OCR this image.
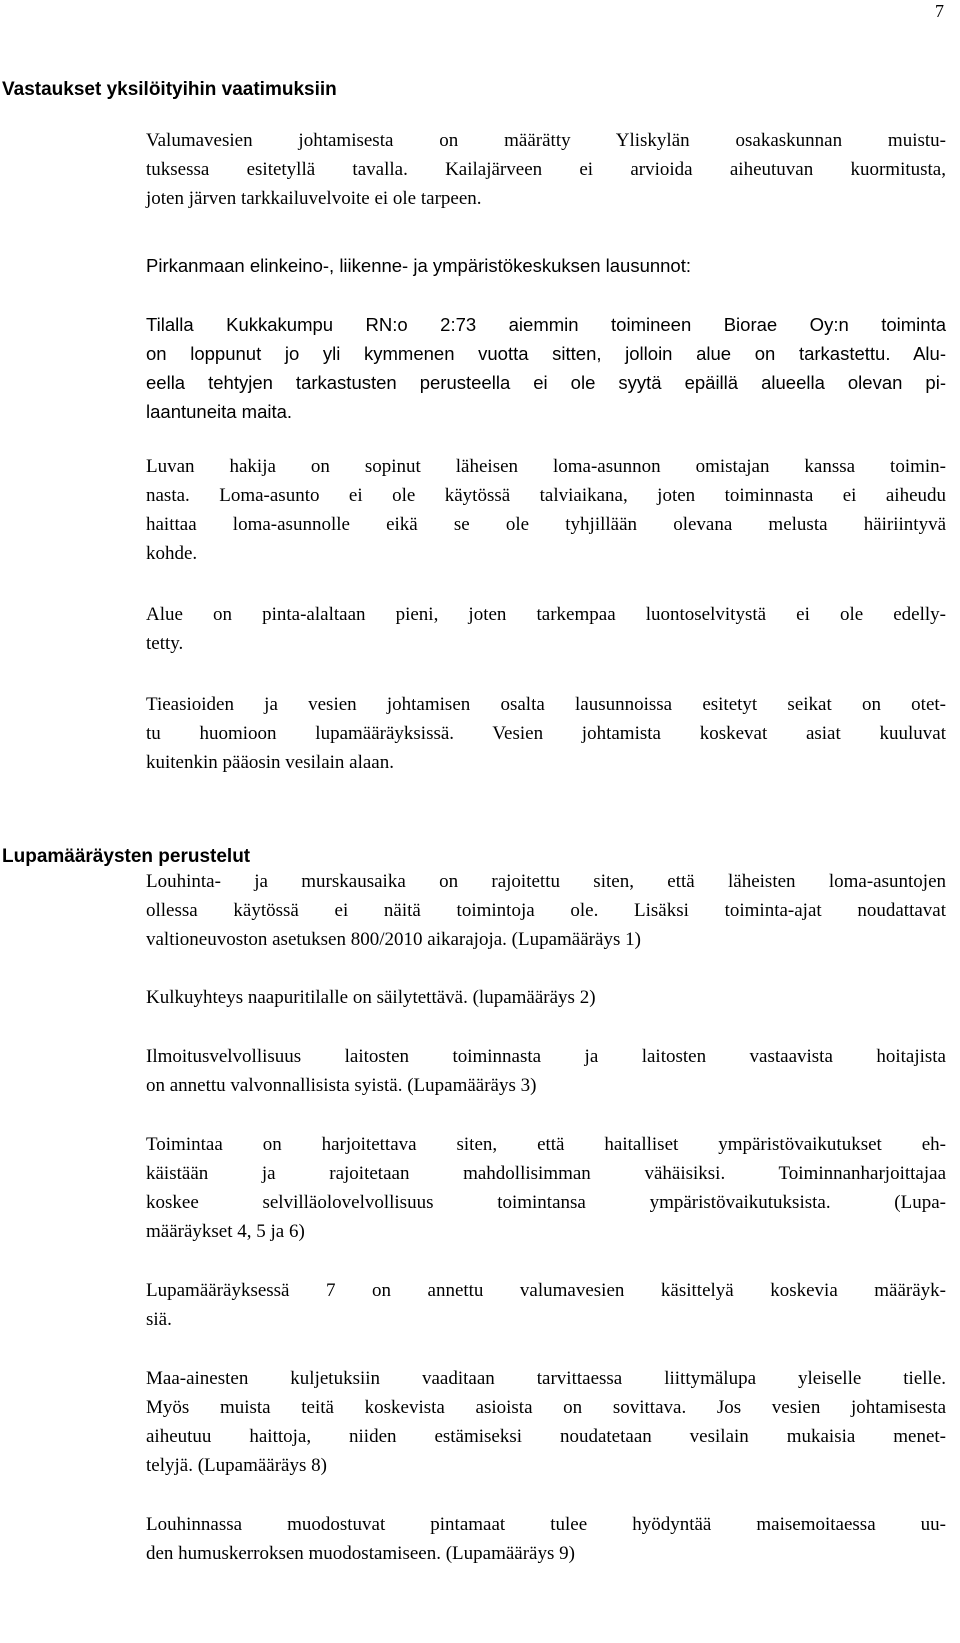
7
Vastaukset yksilöityihin vaatimuksiin
Valumavesien johtamisesta on määrätty Yliskylän osakaskunnan muistu-
tuksessa esitetyllä tavalla. Kailajärveen ei arvioida aiheutuvan kuormitusta,
joten järven tarkkailuvelvoite ei ole tarpeen.
Pirkanmaan elinkeino-, liikenne- ja ympäristökeskuksen lausunnot:
Tilalla Kukkakumpu RN:o 2:73 aiemmin toimineen Biorae Oy:n toiminta
on loppunut jo yli kymmenen vuotta sitten, jolloin alue on tarkastettu. Alu-
eella tehtyjen tarkastusten perusteella ei ole syytä epäillä alueella olevan pi-
laantuneita maita.
Luvan hakija on sopinut läheisen loma-asunnon omistajan kanssa toimin-
nasta. Loma-asunto ei ole käytössä talviaikana, joten toiminnasta ei aiheudu
haittaa loma-asunnolle eikä se ole tyhjillään olevana melusta häiriintyvä
kohde.
Alue on pinta-alaltaan pieni, joten tarkempaa luontoselvitystä ei ole edelly-
tetty.
Tieasioiden ja vesien johtamisen osalta lausunnoissa esitetyt seikat on otet-
tu huomioon lupamääräyksissä. Vesien johtamista koskevat asiat kuuluvat
kuitenkin pääosin vesilain alaan.
Lupamääräysten perustelut
Louhinta- ja murskausaika on rajoitettu siten, että läheisten loma-asuntojen
ollessa käytössä ei näitä toimintoja ole. Lisäksi toiminta-ajat noudattavat
valtioneuvoston asetuksen 800/2010 aikarajoja. (Lupamääräys 1)
Kulkuyhteys naapuritilalle on säilytettävä. (lupamääräys 2)
Ilmoitusvelvollisuus laitosten toiminnasta ja laitosten vastaavista hoitajista
on annettu valvonnallisista syistä. (Lupamääräys 3)
Toimintaa on harjoitettava siten, että haitalliset ympäristövaikutukset eh-
käistään ja rajoitetaan mahdollisimman vähäisiksi. Toiminnanharjoittajaa
koskee selvilläolovelvollisuus toimintansa ympäristövaikutuksista. (Lupa-
määräykset 4, 5 ja 6)
Lupamääräyksessä 7 on annettu valumavesien käsittelyä koskevia määräyk-
siä.
Maa-ainesten kuljetuksiin vaaditaan tarvittaessa liittymälupa yleiselle tielle.
Myös muista teitä koskevista asioista on sovittava. Jos vesien johtamisesta
aiheutuu haittoja, niiden estämiseksi noudatetaan vesilain mukaisia menet-
telyjä. (Lupamääräys 8)
Louhinnassa muodostuvat pintamaat tulee hyödyntää maisemoitaessa uu-
den humuskerroksen muodostamiseen. (Lupamääräys 9)
